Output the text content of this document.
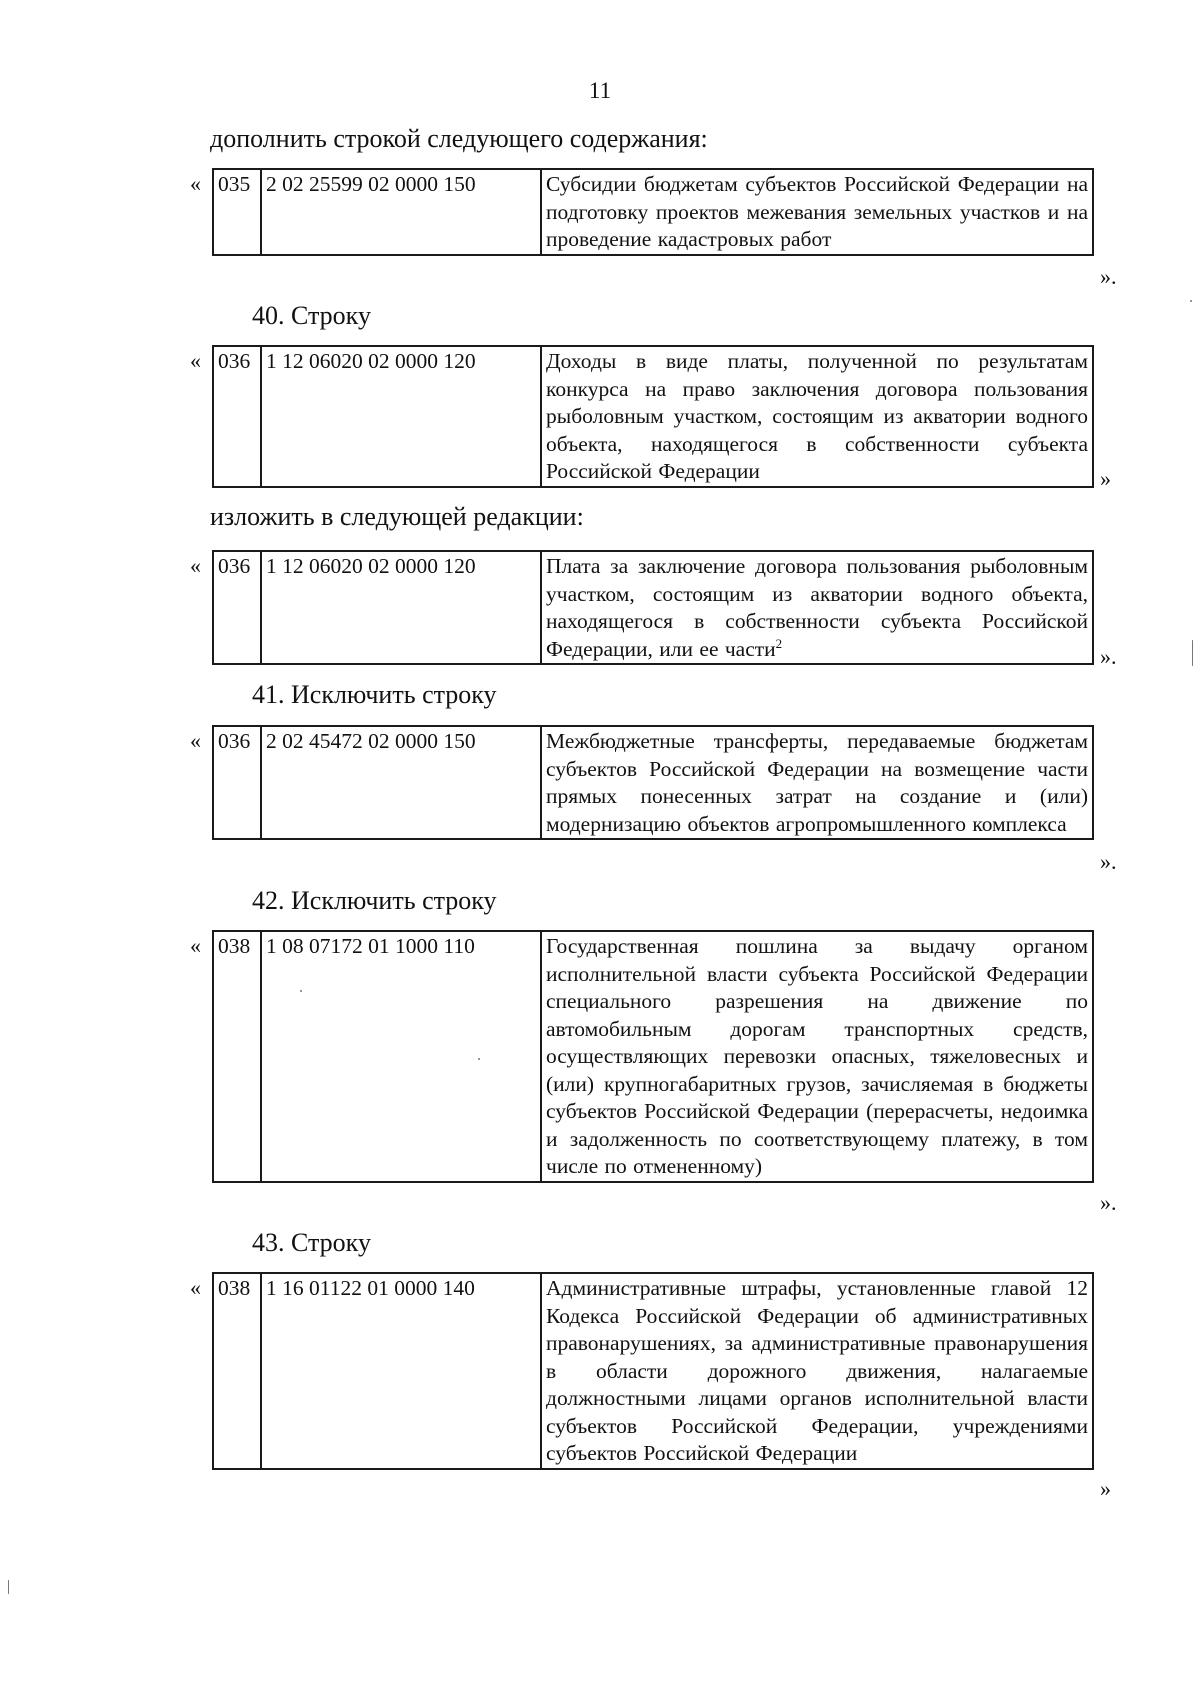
11
дополнить строкой следующего содержания:
« 035	2 02 25599 02 0000 150	Субсидии бюджетам субъектов Российской Федерации на подготовку проектов межевания земельных участков и на проведение кадастровых работ
».
40. Строку
« 036	1 12 06020 02 0000 120	Доходы в виде платы, полученной по результатам конкурса на право заключения договора пользования рыболовным участком, состоящим из акватории водного объекта, находящегося в собственности субъекта Российской Федерации	»
изложить в следующей редакции:
« 036	1 12 06020 02 0000 120	Плата за заключение договора пользования рыболовным участком, состоящим из акватории водного объекта, находящегося в собственности субъекта Российской Федерации, или ее части$^2$
».
41. Исключить строку
« 036	2 02 45472 02 0000 150	Межбюджетные трансферты, передаваемые бюджетам субъектов Российской Федерации на возмещение части прямых понесенных затрат на создание и (или) модернизацию объектов агропромышленного комплекса
».
42. Исключить строку
« 038	1 08 07172 01 1000 110	Государственная пошлина за выдачу органом исполнительной власти субъекта Российской Федерации специального разрешения на движение по автомобильным дорогам транспортных средств, осуществляющих перевозки опасных, тяжеловесных и (или) крупногабаритных грузов, зачисляемая в бюджеты субъектов Российской Федерации (перерасчеты, недоимка и задолженность по соответствующему платежу, в том числе по отмененному)
».
43. Строку
« 038	1 16 01122 01 0000 140	Административные штрафы, установленные главой 12 Кодекса Российской Федерации об административных правонарушениях, за административные правонарушения в области дорожного движения, налагаемые должностными лицами органов исполнительной власти субъектов Российской Федерации, учреждениями субъектов Российской Федерации
»
